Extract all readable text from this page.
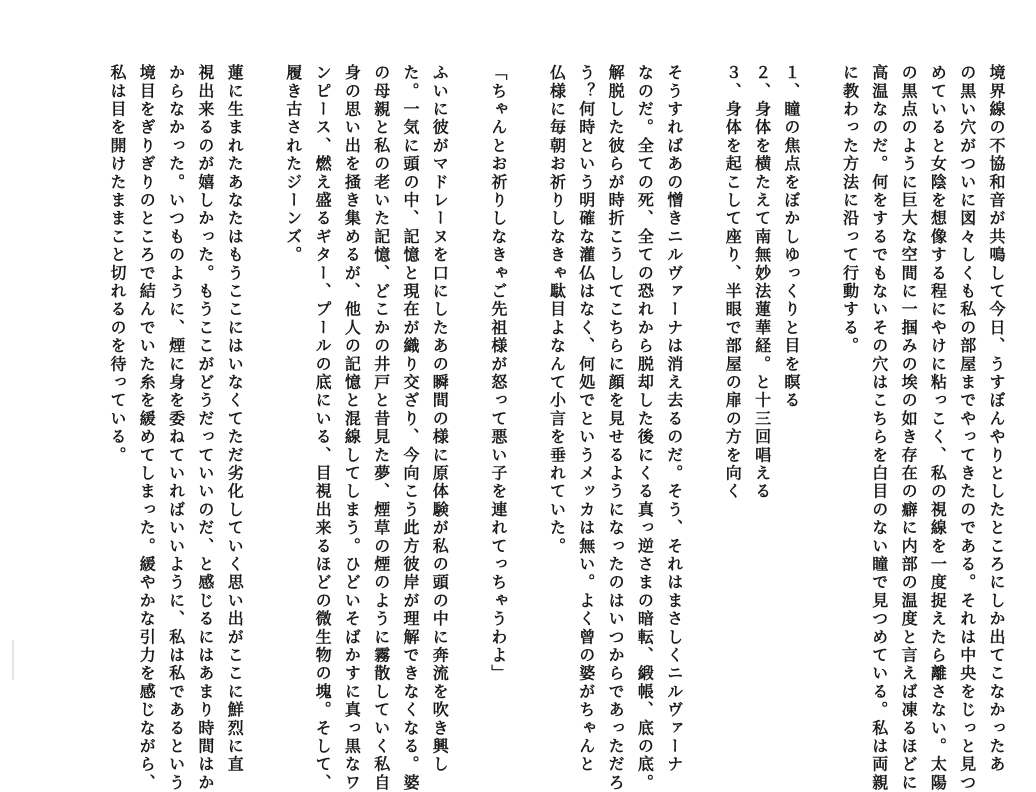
境界線の不協和音が共鳴して今日、うすぼんやりとしたところにしか出てこなかったあ
の黒い穴がついに図々しくも私の部屋までやってきたのである。それは中央をじっと見つ
めていると女陰を想像する程にやけに粘っこく、私の視線を一度捉えたら離さない。太陽
の黒点のように巨大な空間に一掴みの埃の如き存在の癖に内部の温度と言えば凍るほどに
高温なのだ。何をするでもないその穴はこちらを白目のない瞳で見つめている。私は両親
に教わった方法に沿って行動する。
１、瞳の焦点をぼかしゆっくりと目を瞑る
２、身体を横たえて南無妙法蓮華経。と十三回唱える
３、身体を起こして座り、半眼で部屋の扉の方を向く
そうすればあの憎きニルヴァーナは消え去るのだ。そう、それはまさしくニルヴァーナ
なのだ。全ての死、全ての恐れから脱却した後にくる真っ逆さまの暗転、緞帳、底の底。
解脱した彼らが時折こうしてこちらに顔を見せるようになったのはいつからであっただろ
う？何時という明確な灌仏はなく、何処でというメッカは無い。よく曾の婆がちゃんと
仏様に毎朝お祈りしなきゃ駄目よなんて小言を垂れていた。
「ちゃんとお祈りしなきゃご先祖様が怒って悪い子を連れてっちゃうわよ」
ふいに彼がマドレーヌを口にしたあの瞬間の様に原体験が私の頭の中に奔流を吹き興し
た。一気に頭の中、記憶と現在が織り交ざり、今向こう此方彼岸が理解できなくなる。婆
の母親と私の老いた記憶、どこかの井戸と昔見た夢、煙草の煙のように霧散していく私自
身の思い出を掻き集めるが、他人の記憶と混線してしまう。ひどいそばかすに真っ黒なワ
ンピース、燃え盛るギター、プールの底にいる、目視出来るほどの微生物の塊。そして、
履き古されたジーンズ。
蓮に生まれたあなたはもうここにはいなくてただ劣化していく思い出がここに鮮烈に直
視出来るのが嬉しかった。もうここがどうだっていいのだ、と感じるにはあまり時間はか
からなかった。いつものように、煙に身を委ねていればいいように、私は私であるという
境目をぎりぎりのところで結んでいた糸を緩めてしまった。緩やかな引力を感じながら、
私は目を開けたままこと切れるのを待っている。
